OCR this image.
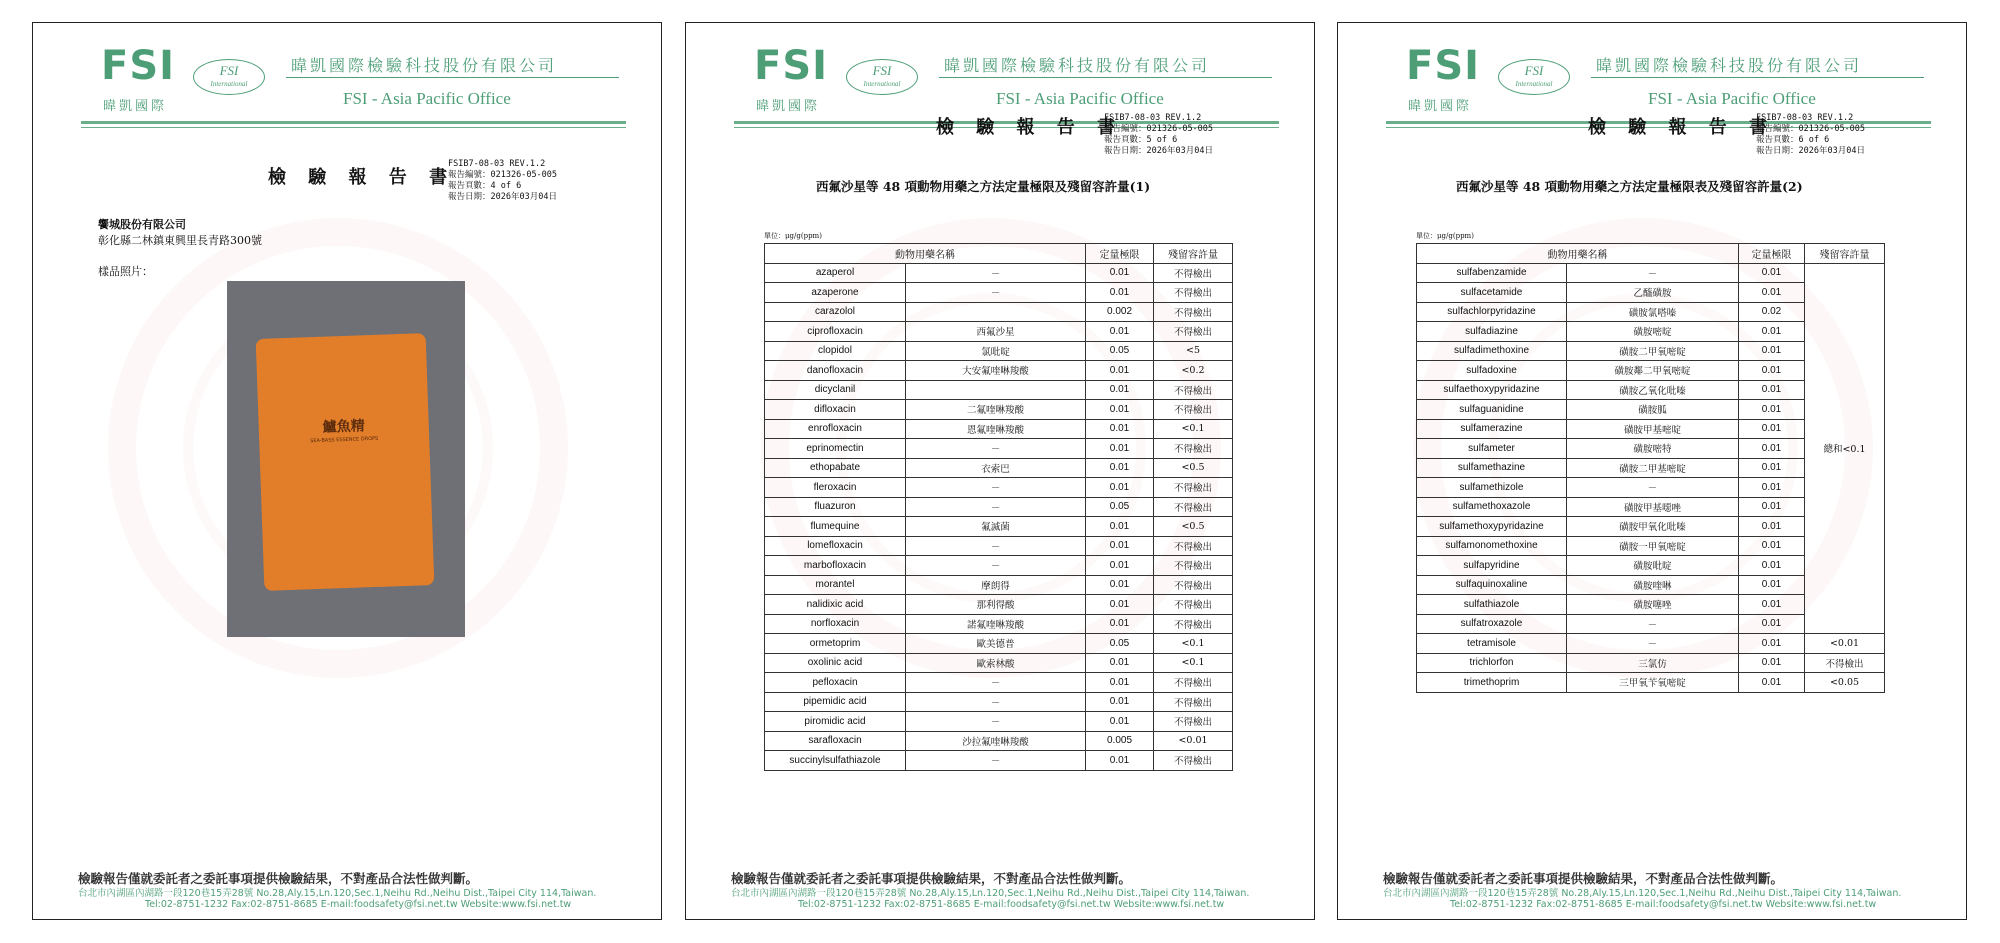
FSI
暐凱國際
FSI
International
暐凱國際檢驗科技股份有限公司
FSI - Asia Pacific Office
檢 驗 報 告 書
FSIB7-08-03 REV.1.2
報告編號：021326-05-005
報告頁數：4 of 6
報告日期：2026年03月04日
饗城股份有限公司
彰化縣二林鎮東興里長青路300號
樣品照片：
鱸魚精
SEA-BASS ESSENCE DROPS
檢驗報告僅就委託者之委託事項提供檢驗結果，不對產品合法性做判斷。
台北市內湖區內湖路一段120巷15弄28號 No.28,Aly.15,Ln.120,Sec.1,Neihu Rd.,Neihu Dist.,Taipei City 114,Taiwan.
Tel:02-8751-1232 Fax:02-8751-8685 E-mail:foodsafety@fsi.net.tw Website:www.fsi.net.tw
FSI
暐凱國際
FSI
International
暐凱國際檢驗科技股份有限公司
FSI - Asia Pacific Office
檢 驗 報 告 書
FSIB7-08-03 REV.1.2
報告編號：021326-05-005
報告頁數：5 of 6
報告日期：2026年03月04日
西氟沙星等 48 項動物用藥之方法定量極限及殘留容許量(1)
單位：μg/g(ppm)
動物用藥名稱		定量極限	殘留容許量
azaperol	－	0.01	不得檢出
azaperone	－	0.01	不得檢出
carazolol		0.002	不得檢出
ciprofloxacin	西氟沙星	0.01	不得檢出
clopidol	氯吡啶	0.05	<5
danofloxacin	大安氟喹啉羧酸	0.01	<0.2
dicyclanil		0.01	不得檢出
difloxacin	二氟喹啉羧酸	0.01	不得檢出
enrofloxacin	恩氟喹啉羧酸	0.01	<0.1
eprinomectin	－	0.01	不得檢出
ethopabate	衣索巴	0.01	<0.5
fleroxacin	－	0.01	不得檢出
fluazuron	－	0.05	不得檢出
flumequine	氟滅菌	0.01	<0.5
lomefloxacin	－	0.01	不得檢出
marbofloxacin	－	0.01	不得檢出
morantel	摩朗得	0.01	不得檢出
nalidixic acid	那利得酸	0.01	不得檢出
norfloxacin	諾氟喹啉羧酸	0.01	不得檢出
ormetoprim	歐美德普	0.05	<0.1
oxolinic acid	歐索林酸	0.01	<0.1
pefloxacin	－	0.01	不得檢出
pipemidic acid	－	0.01	不得檢出
piromidic acid	－	0.01	不得檢出
sarafloxacin	沙拉氟喹啉羧酸	0.005	<0.01
succinylsulfathiazole	－	0.01	不得檢出
檢驗報告僅就委託者之委託事項提供檢驗結果，不對產品合法性做判斷。
台北市內湖區內湖路一段120巷15弄28號 No.28,Aly.15,Ln.120,Sec.1,Neihu Rd.,Neihu Dist.,Taipei City 114,Taiwan.
Tel:02-8751-1232 Fax:02-8751-8685 E-mail:foodsafety@fsi.net.tw Website:www.fsi.net.tw
FSI
暐凱國際
FSI
International
暐凱國際檢驗科技股份有限公司
FSI - Asia Pacific Office
檢 驗 報 告 書
FSIB7-08-03 REV.1.2
報告編號：021326-05-005
報告頁數：6 of 6
報告日期：2026年03月04日
西氟沙星等 48 項動物用藥之方法定量極限表及殘留容許量(2)
單位：μg/g(ppm)
動物用藥名稱		定量極限	殘留容許量
sulfabenzamide	－	0.01	總和<0.1
sulfacetamide	乙醯磺胺	0.01	
sulfachlorpyridazine	磺胺氯嗒嗪	0.02	
sulfadiazine	磺胺嘧啶	0.01	
sulfadimethoxine	磺胺二甲氧嘧啶	0.01	
sulfadoxine	磺胺鄰二甲氧嘧啶	0.01	
sulfaethoxypyridazine	磺胺乙氧化吡嗪	0.01	
sulfaguanidine	磺胺胍	0.01	
sulfamerazine	磺胺甲基嘧啶	0.01	
sulfameter	磺胺嘧特	0.01	
sulfamethazine	磺胺二甲基嘧啶	0.01	
sulfamethizole	－	0.01	
sulfamethoxazole	磺胺甲基噁唑	0.01	
sulfamethoxypyridazine	磺胺甲氧化吡嗪	0.01	
sulfamonomethoxine	磺胺一甲氧嘧啶	0.01	
sulfapyridine	磺胺吡啶	0.01	
sulfaquinoxaline	磺胺喹啉	0.01	
sulfathiazole	磺胺噻唑	0.01	
sulfatroxazole	－	0.01	
tetramisole	－	0.01	<0.01
trichlorfon	三氯仿	0.01	不得檢出
trimethoprim	三甲氧苄氧嘧啶	0.01	<0.05
檢驗報告僅就委託者之委託事項提供檢驗結果，不對產品合法性做判斷。
台北市內湖區內湖路一段120巷15弄28號 No.28,Aly.15,Ln.120,Sec.1,Neihu Rd.,Neihu Dist.,Taipei City 114,Taiwan.
Tel:02-8751-1232 Fax:02-8751-8685 E-mail:foodsafety@fsi.net.tw Website:www.fsi.net.tw
